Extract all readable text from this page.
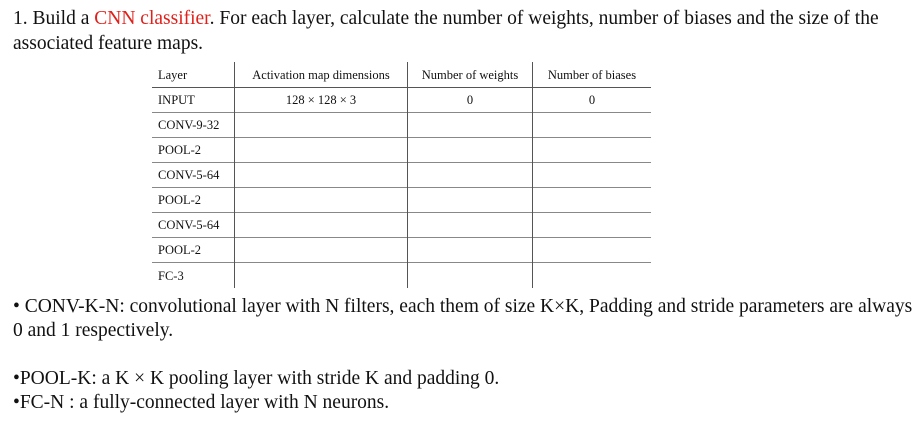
1. Build a CNN classifier. For each layer, calculate the number of weights, number of biases and the size of the associated feature maps.
Layer	Activation map dimensions	Number of weights	Number of biases
INPUT	128 × 128 × 3	0	0
CONV-9-32			
POOL-2			
CONV-5-64			
POOL-2			
CONV-5-64			
POOL-2			
FC-3			

• CONV-K-N: convolutional layer with N filters, each them of size K×K, Padding and stride parameters are always 0 and 1 respectively.

•POOL-K: a K × K pooling layer with stride K and padding 0.

•FC-N : a fully-connected layer with N neurons.
